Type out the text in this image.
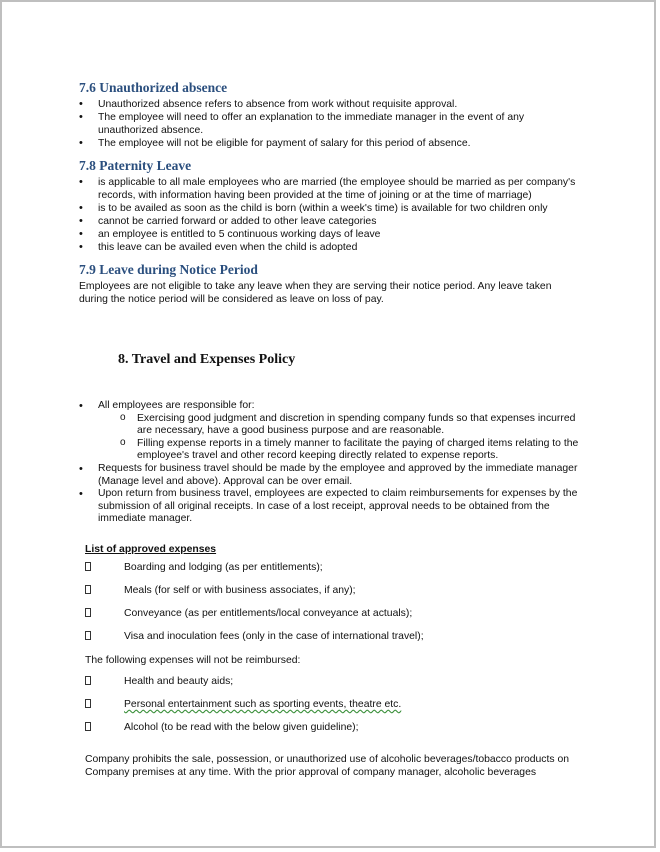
7.6 Unauthorized absence
• Unauthorized absence refers to absence from work without requisite approval.
• The employee will need to offer an explanation to the immediate manager in the event of any unauthorized absence.
• The employee will not be eligible for payment of salary for this period of absence.
7.8 Paternity Leave
• is applicable to all male employees who are married (the employee should be married as per company's records, with information having been provided at the time of joining or at the time of marriage)
• is to be availed as soon as the child is born (within a week's time) is available for two children only
• cannot be carried forward or added to other leave categories
• an employee is entitled to 5 continuous working days of leave
• this leave can be availed even when the child is adopted
7.9 Leave during Notice Period

Employees are not eligible to take any leave when they are serving their notice period. Any leave taken during the notice period will be considered as leave on loss of pay.

8. Travel and Expenses Policy
• All employees are responsible for:
o Exercising good judgment and discretion in spending company funds so that expenses incurred are necessary, have a good business purpose and are reasonable.
o Filling expense reports in a timely manner to facilitate the paying of charged items relating to the employee's travel and other record keeping directly related to expense reports.
• Requests for business travel should be made by the employee and approved by the immediate manager (Manage level and above). Approval can be over email.
• Upon return from business travel, employees are expected to claim reimbursements for expenses by the submission of all original receipts. In case of a lost receipt, approval needs to be obtained from the immediate manager.
List of approved expenses
Boarding and lodging (as per entitlements);
Meals (for self or with business associates, if any);
Conveyance (as per entitlements/local conveyance at actuals);
Visa and inoculation fees (only in the case of international travel);
The following expenses will not be reimbursed:
Health and beauty aids;
Personal entertainment such as sporting events, theatre etc.
Alcohol (to be read with the below given guideline);

Company prohibits the sale, possession, or unauthorized use of alcoholic beverages/tobacco products on Company premises at any time. With the prior approval of company manager, alcoholic beverages
